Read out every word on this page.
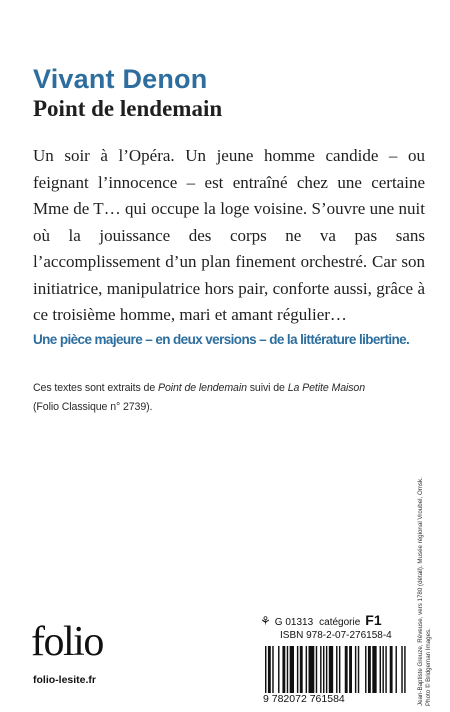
Vivant Denon
Point de lendemain

Un soir à l’Opéra. Un jeune homme candide – ou feignant l’innocence – est entraîné chez une certaine Mme de T… qui occupe la loge voisine. S’ouvre une nuit où la jouissance des corps ne va pas sans l’accomplissement d’un plan finement orchestré. Car son initiatrice, manipulatrice hors pair, conforte aussi, grâce à ce troisième homme, mari et amant régulier…

Une pièce majeure – en deux versions – de la littérature libertine.

Ces textes sont extraits de Point de lendemain suivi de La Petite Maison
(Folio Classique n° 2739).

folio
folio-lesite.fr
⚘ G 01313 catégorie F1
ISBN 978-2-07-276158-4
9 782072 761584	Jean-Baptiste Greuze, Rêveuse, vers 1780 (détail). Musée régional Vroubel, Omsk. Photo © Bridgeman Images.
